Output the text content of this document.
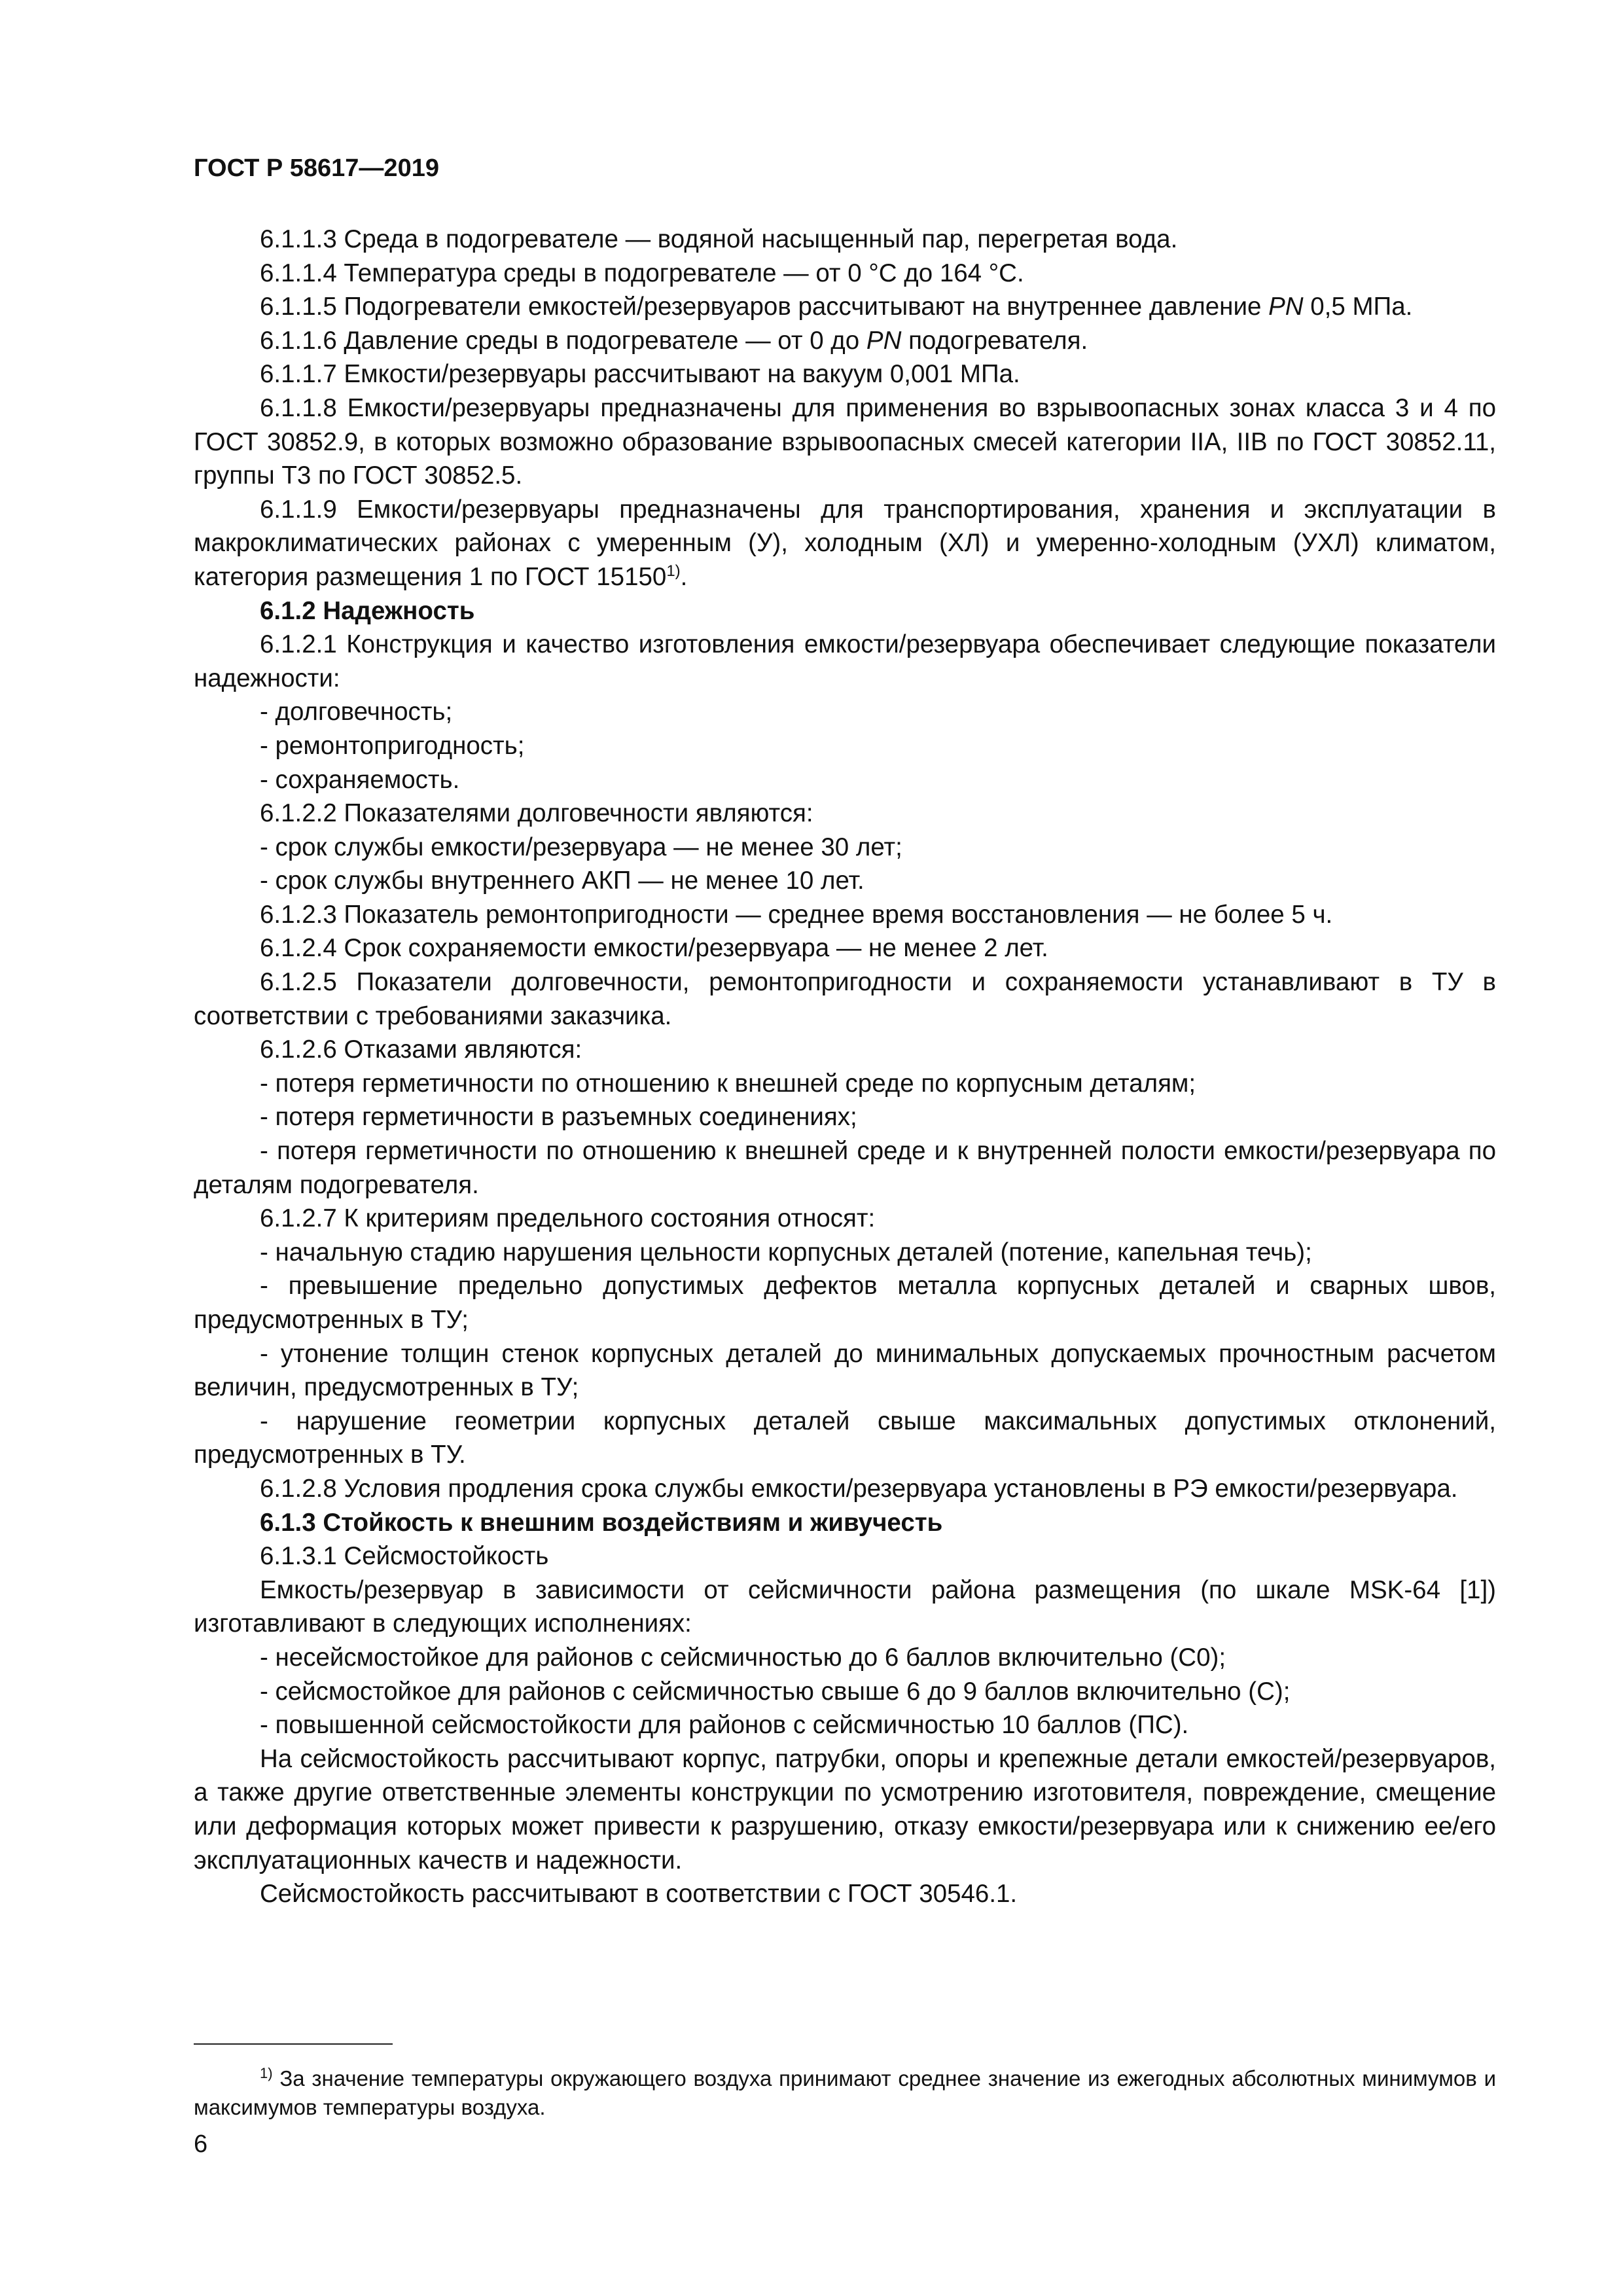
ГОСТ Р 58617—2019

6.1.1.3 Среда в подогревателе — водяной насыщенный пар, перегретая вода.

6.1.1.4 Температура среды в подогревателе — от 0 °С до 164 °С.

6.1.1.5 Подогреватели емкостей/резервуаров рассчитывают на внутреннее давление PN 0,5 МПа.

6.1.1.6 Давление среды в подогревателе — от 0 до PN подогревателя.

6.1.1.7 Емкости/резервуары рассчитывают на вакуум 0,001 МПа.

6.1.1.8 Емкости/резервуары предназначены для применения во взрывоопасных зонах класса 3 и 4 по ГОСТ 30852.9, в которых возможно образование взрывоопасных смесей категории IIA, IIB по ГОСТ 30852.11, группы Т3 по ГОСТ 30852.5.

6.1.1.9 Емкости/резервуары предназначены для транспортирования, хранения и эксплуатации в макроклиматических районах с умеренным (У), холодным (ХЛ) и умеренно-холодным (УХЛ) климатом, категория размещения 1 по ГОСТ 15150$^{1)}$.

6.1.2 Надежность

6.1.2.1 Конструкция и качество изготовления емкости/резервуара обеспечивает следующие показатели надежности:

- долговечность;

- ремонтопригодность;

- сохраняемость.

6.1.2.2 Показателями долговечности являются:

- срок службы емкости/резервуара — не менее 30 лет;

- срок службы внутреннего АКП — не менее 10 лет.

6.1.2.3 Показатель ремонтопригодности — среднее время восстановления — не более 5 ч.

6.1.2.4 Срок сохраняемости емкости/резервуара — не менее 2 лет.

6.1.2.5 Показатели долговечности, ремонтопригодности и сохраняемости устанавливают в ТУ в соответствии с требованиями заказчика.

6.1.2.6 Отказами являются:

- потеря герметичности по отношению к внешней среде по корпусным деталям;

- потеря герметичности в разъемных соединениях;

- потеря герметичности по отношению к внешней среде и к внутренней полости емкости/резервуара по деталям подогревателя.

6.1.2.7 К критериям предельного состояния относят:

- начальную стадию нарушения цельности корпусных деталей (потение, капельная течь);

- превышение предельно допустимых дефектов металла корпусных деталей и сварных швов, предусмотренных в ТУ;

- утонение толщин стенок корпусных деталей до минимальных допускаемых прочностным расчетом величин, предусмотренных в ТУ;

- нарушение геометрии корпусных деталей свыше максимальных допустимых отклонений, предусмотренных в ТУ.

6.1.2.8 Условия продления срока службы емкости/резервуара установлены в РЭ емкости/резервуара.

6.1.3 Стойкость к внешним воздействиям и живучесть

6.1.3.1 Сейсмостойкость

Емкость/резервуар в зависимости от сейсмичности района размещения (по шкале MSK-64 [1]) изготавливают в следующих исполнениях:

- несейсмостойкое для районов с сейсмичностью до 6 баллов включительно (С0);

- сейсмостойкое для районов с сейсмичностью свыше 6 до 9 баллов включительно (С);

- повышенной сейсмостойкости для районов с сейсмичностью 10 баллов (ПС).

На сейсмостойкость рассчитывают корпус, патрубки, опоры и крепежные детали емкостей/резервуаров, а также другие ответственные элементы конструкции по усмотрению изготовителя, повреждение, смещение или деформация которых может привести к разрушению, отказу емкости/резервуара или к снижению ее/его эксплуатационных качеств и надежности.

Сейсмостойкость рассчитывают в соответствии с ГОСТ 30546.1.

$^{1)}$ За значение температуры окружающего воздуха принимают среднее значение из ежегодных абсолютных минимумов и максимумов температуры воздуха.
6
